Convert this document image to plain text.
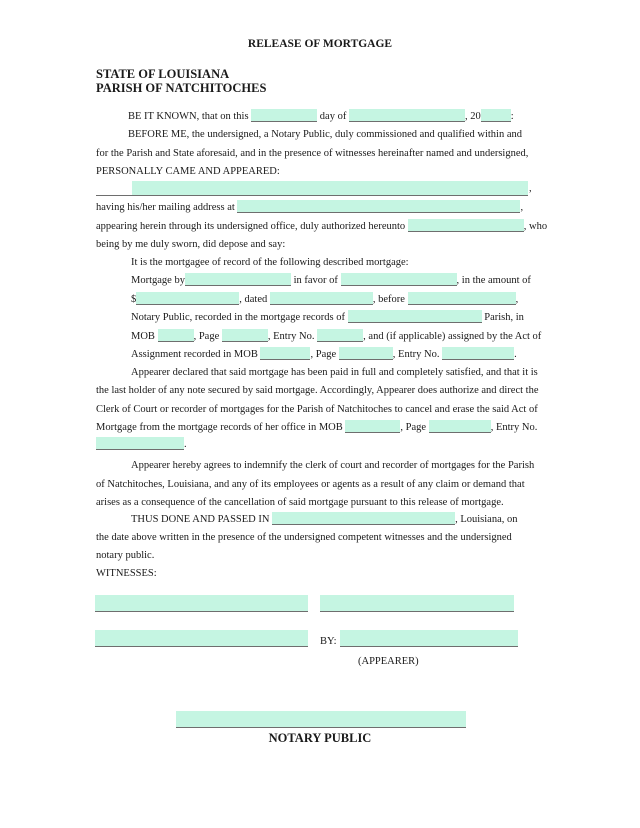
RELEASE OF MORTGAGE
STATE OF LOUISIANA
PARISH OF NATCHITOCHES
BE IT KNOWN, that on this	day of	, 20	:
BEFORE ME, the undersigned, a Notary Public, duly commissioned and qualified within and
for the Parish and State aforesaid, and in the presence of witnesses hereinafter named and undersigned,
PERSONALLY CAME AND APPEARED:
,
having his/her mailing address at	,
appearing herein through its undersigned office, duly authorized hereunto	, who
being by me duly sworn, did depose and say:
It is the mortgagee of record of the following described mortgage:
Mortgage by	in favor of	, in the amount of
$	, dated	, before	,
Notary Public, recorded in the mortgage records of	Parish, in
MOB	, Page	, Entry No.	, and (if applicable) assigned by the Act of
Assignment recorded in MOB	, Page	, Entry No.	.
Appearer declared that said mortgage has been paid in full and completely satisfied, and that it is
the last holder of any note secured by said mortgage. Accordingly, Appearer does authorize and direct the
Clerk of Court or recorder of mortgages for the Parish of Natchitoches to cancel and erase the said Act of
Mortgage from the mortgage records of her office in MOB	, Page	, Entry No.
.
Appearer hereby agrees to indemnify the clerk of court and recorder of mortgages for the Parish
of Natchitoches, Louisiana, and any of its employees or agents as a result of any claim or demand that
arises as a consequence of the cancellation of said mortgage pursuant to this release of mortgage.
THUS DONE AND PASSED IN	, Louisiana, on
the date above written in the presence of the undersigned competent witnesses and the undersigned
notary public.
WITNESSES:
BY:
(APPEARER)
NOTARY PUBLIC
